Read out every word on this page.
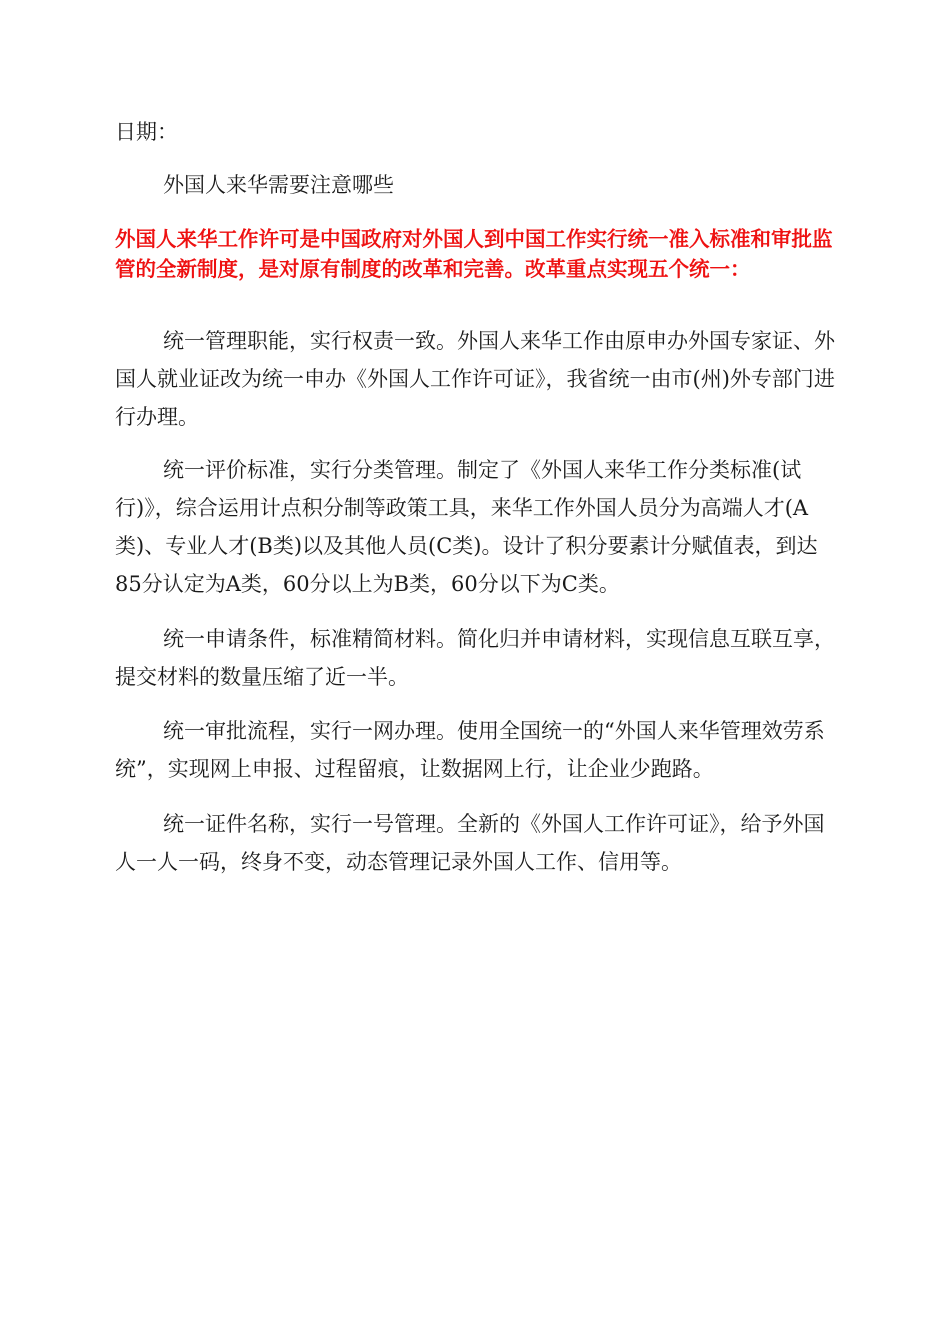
日期：

外国人来华需要注意哪些

外国人来华工作许可是中国政府对外国人到中国工作实行统一准入标准和审批监管的全新制度，是对原有制度的改革和完善。改革重点实现五个统一：

统一管理职能，实行权责一致。外国人来华工作由原申办外国专家证、外国人就业证改为统一申办《外国人工作许可证》，我省统一由市(州)外专部门进行办理。

统一评价标准，实行分类管理。制定了《外国人来华工作分类标准(试行)》，综合运用计点积分制等政策工具，来华工作外国人员分为高端人才(A类)、专业人才(B类)以及其他人员(C类)。设计了积分要素计分赋值表，到达85分认定为A类，60分以上为B类，60分以下为C类。

统一申请条件，标准精简材料。简化归并申请材料，实现信息互联互享，提交材料的数量压缩了近一半。

统一审批流程，实行一网办理。使用全国统一的“外国人来华管理效劳系统”，实现网上申报、过程留痕，让数据网上行，让企业少跑路。

统一证件名称，实行一号管理。全新的《外国人工作许可证》，给予外国人一人一码，终身不变，动态管理记录外国人工作、信用等。
